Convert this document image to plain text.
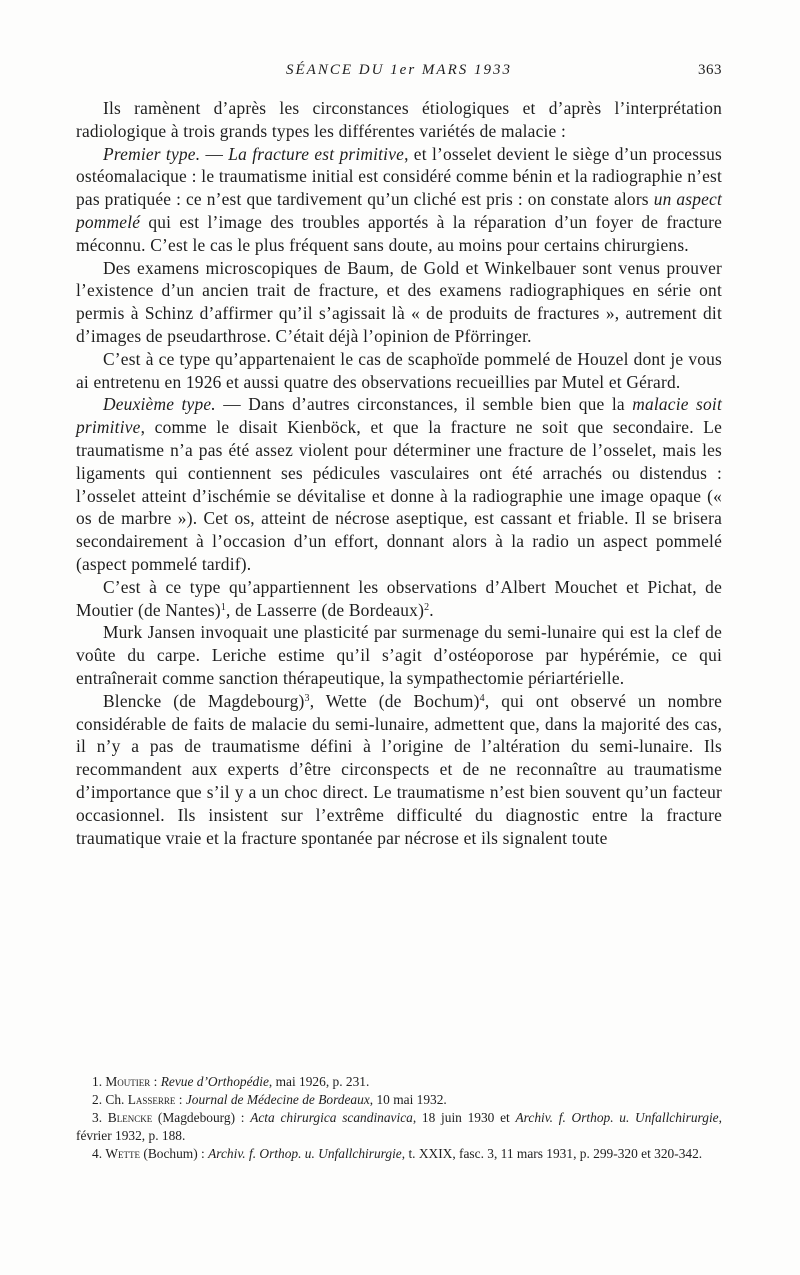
SÉANCE DU 1er MARS 1933	363

Ils ramènent d’après les circonstances étiologiques et d’après l’interprétation radiologique à trois grands types les différentes variétés de malacie :

Premier type. — La fracture est primitive, et l’osselet devient le siège d’un processus ostéomalacique : le traumatisme initial est considéré comme bénin et la radiographie n’est pas pratiquée : ce n’est que tardivement qu’un cliché est pris : on constate alors un aspect pommelé qui est l’image des troubles apportés à la réparation d’un foyer de fracture méconnu. C’est le cas le plus fréquent sans doute, au moins pour certains chirurgiens.

Des examens microscopiques de Baum, de Gold et Winkelbauer sont venus prouver l’existence d’un ancien trait de fracture, et des examens radiographiques en série ont permis à Schinz d’affirmer qu’il s’agissait là « de produits de fractures », autrement dit d’images de pseudarthrose. C’était déjà l’opinion de Pförringer.

C’est à ce type qu’appartenaient le cas de scaphoïde pommelé de Houzel dont je vous ai entretenu en 1926 et aussi quatre des observations recueillies par Mutel et Gérard.

Deuxième type. — Dans d’autres circonstances, il semble bien que la malacie soit primitive, comme le disait Kienböck, et que la fracture ne soit que secondaire. Le traumatisme n’a pas été assez violent pour déterminer une fracture de l’osselet, mais les ligaments qui contiennent ses pédicules vasculaires ont été arrachés ou distendus : l’osselet atteint d’ischémie se dévitalise et donne à la radiographie une image opaque (« os de marbre »). Cet os, atteint de nécrose aseptique, est cassant et friable. Il se brisera secondairement à l’occasion d’un effort, donnant alors à la radio un aspect pommelé (aspect pommelé tardif).

C’est à ce type qu’appartiennent les observations d’Albert Mouchet et Pichat, de Moutier (de Nantes)$^1$, de Lasserre (de Bordeaux)$^2$.

Murk Jansen invoquait une plasticité par surmenage du semi-lunaire qui est la clef de voûte du carpe. Leriche estime qu’il s’agit d’ostéoporose par hypérémie, ce qui entraînerait comme sanction thérapeutique, la sympathectomie périartérielle.

Blencke (de Magdebourg)$^3$, Wette (de Bochum)$^4$, qui ont observé un nombre considérable de faits de malacie du semi-lunaire, admettent que, dans la majorité des cas, il n’y a pas de traumatisme défini à l’origine de l’altération du semi-lunaire. Ils recommandent aux experts d’être circonspects et de ne reconnaître au traumatisme d’importance que s’il y a un choc direct. Le traumatisme n’est bien souvent qu’un facteur occasionnel. Ils insistent sur l’extrême difficulté du diagnostic entre la fracture traumatique vraie et la fracture spontanée par nécrose et ils signalent toute

1. Moutier : Revue d’Orthopédie, mai 1926, p. 231.

2. Ch. Lasserre : Journal de Médecine de Bordeaux, 10 mai 1932.

3. Blencke (Magdebourg) : Acta chirurgica scandinavica, 18 juin 1930 et Archiv. f. Orthop. u. Unfallchirurgie, février 1932, p. 188.

4. Wette (Bochum) : Archiv. f. Orthop. u. Unfallchirurgie, t. XXIX, fasc. 3, 11 mars 1931, p. 299-320 et 320-342.
